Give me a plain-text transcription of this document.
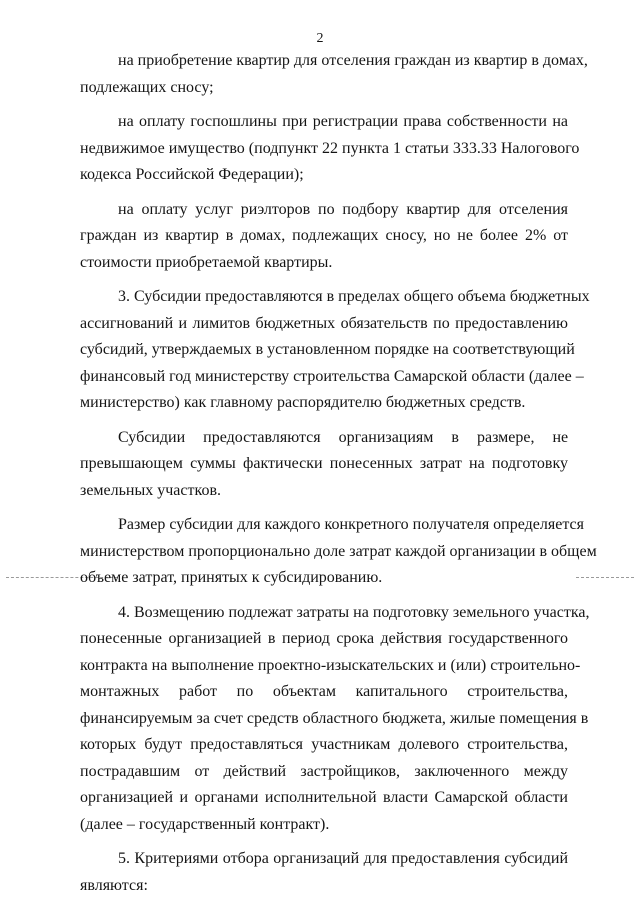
2
на приобретение квартир для отселения граждан из квартир в домах,
подлежащих сносу;
на оплату госпошлины при регистрации права собственности на
недвижимое имущество (подпункт 22 пункта 1 статьи 333.33 Налогового
кодекса Российской Федерации);
на оплату услуг риэлторов по подбору квартир для отселения
граждан из квартир в домах, подлежащих сносу, но не более 2% от
стоимости приобретаемой квартиры.
3. Субсидии предоставляются в пределах общего объема бюджетных
ассигнований и лимитов бюджетных обязательств по предоставлению
субсидий, утверждаемых в установленном порядке на соответствующий
финансовый год министерству строительства Самарской области (далее –
министерство) как главному распорядителю бюджетных средств.
Субсидии предоставляются организациям в размере, не
превышающем суммы фактически понесенных затрат на подготовку
земельных участков.
Размер субсидии для каждого конкретного получателя определяется
министерством пропорционально доле затрат каждой организации в общем
объеме затрат, принятых к субсидированию.
4. Возмещению подлежат затраты на подготовку земельного участка,
понесенные организацией в период срока действия государственного
контракта на выполнение проектно-изыскательских и (или) строительно-
монтажных работ по объектам капитального строительства,
финансируемым за счет средств областного бюджета, жилые помещения в
которых будут предоставляться участникам долевого строительства,
пострадавшим от действий застройщиков, заключенного между
организацией и органами исполнительной власти Самарской области
(далее – государственный контракт).
5. Критериями отбора организаций для предоставления субсидий
являются:
